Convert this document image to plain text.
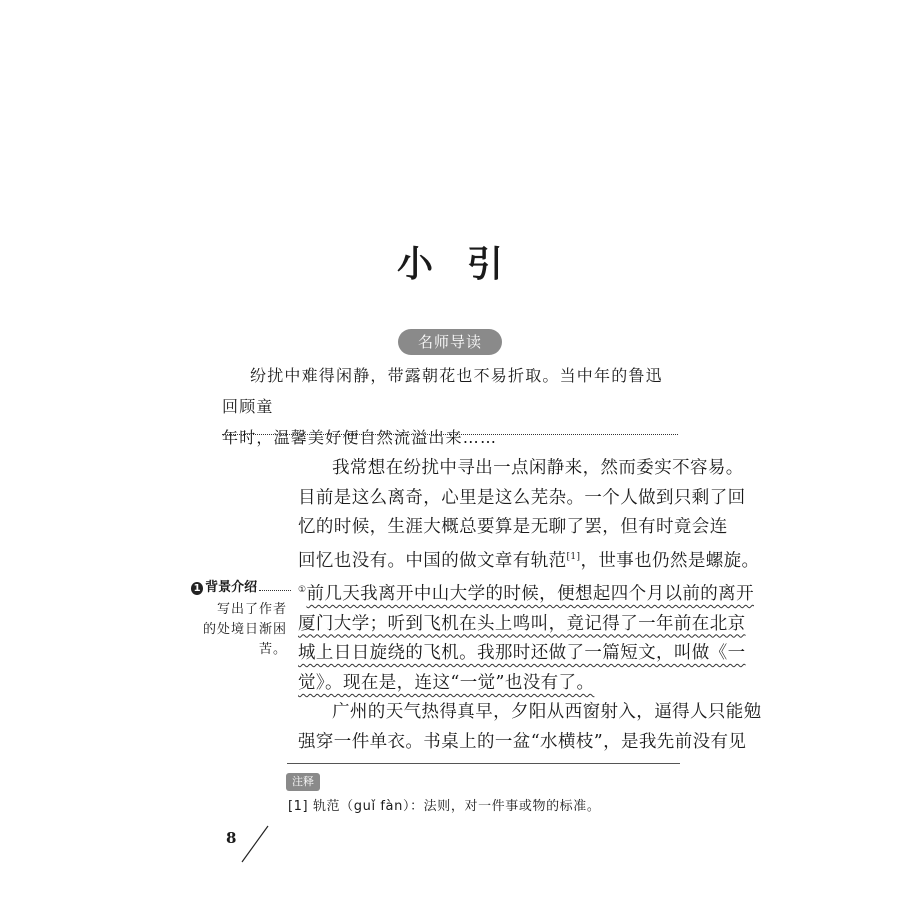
小 引
名师导读

纷扰中难得闲静，带露朝花也不易折取。当中年的鲁迅回顾童

年时，温馨美好便自然流溢出来……

我常想在纷扰中寻出一点闲静来，然而委实不容易。
目前是这么离奇，心里是这么芜杂。一个人做到只剩了回
忆的时候，生涯大概总要算是无聊了罢，但有时竟会连
回忆也没有。中国的做文章有轨范[1]，世事也仍然是螺旋。
①前几天我离开中山大学的时候，便想起四个月以前的离开
厦门大学；听到飞机在头上鸣叫，竟记得了一年前在北京
城上日日旋绕的飞机。我那时还做了一篇短文，叫做《一
觉》。现在是，连这“一觉”也没有了。
广州的天气热得真早，夕阳从西窗射入，逼得人只能勉
强穿一件单衣。书桌上的一盆“水横枝”，是我先前没有见
1 背景介绍
写出了作者
的处境日渐困苦。
注释
[1] 轨范（guǐ fàn）：法则，对一件事或物的标准。
8
